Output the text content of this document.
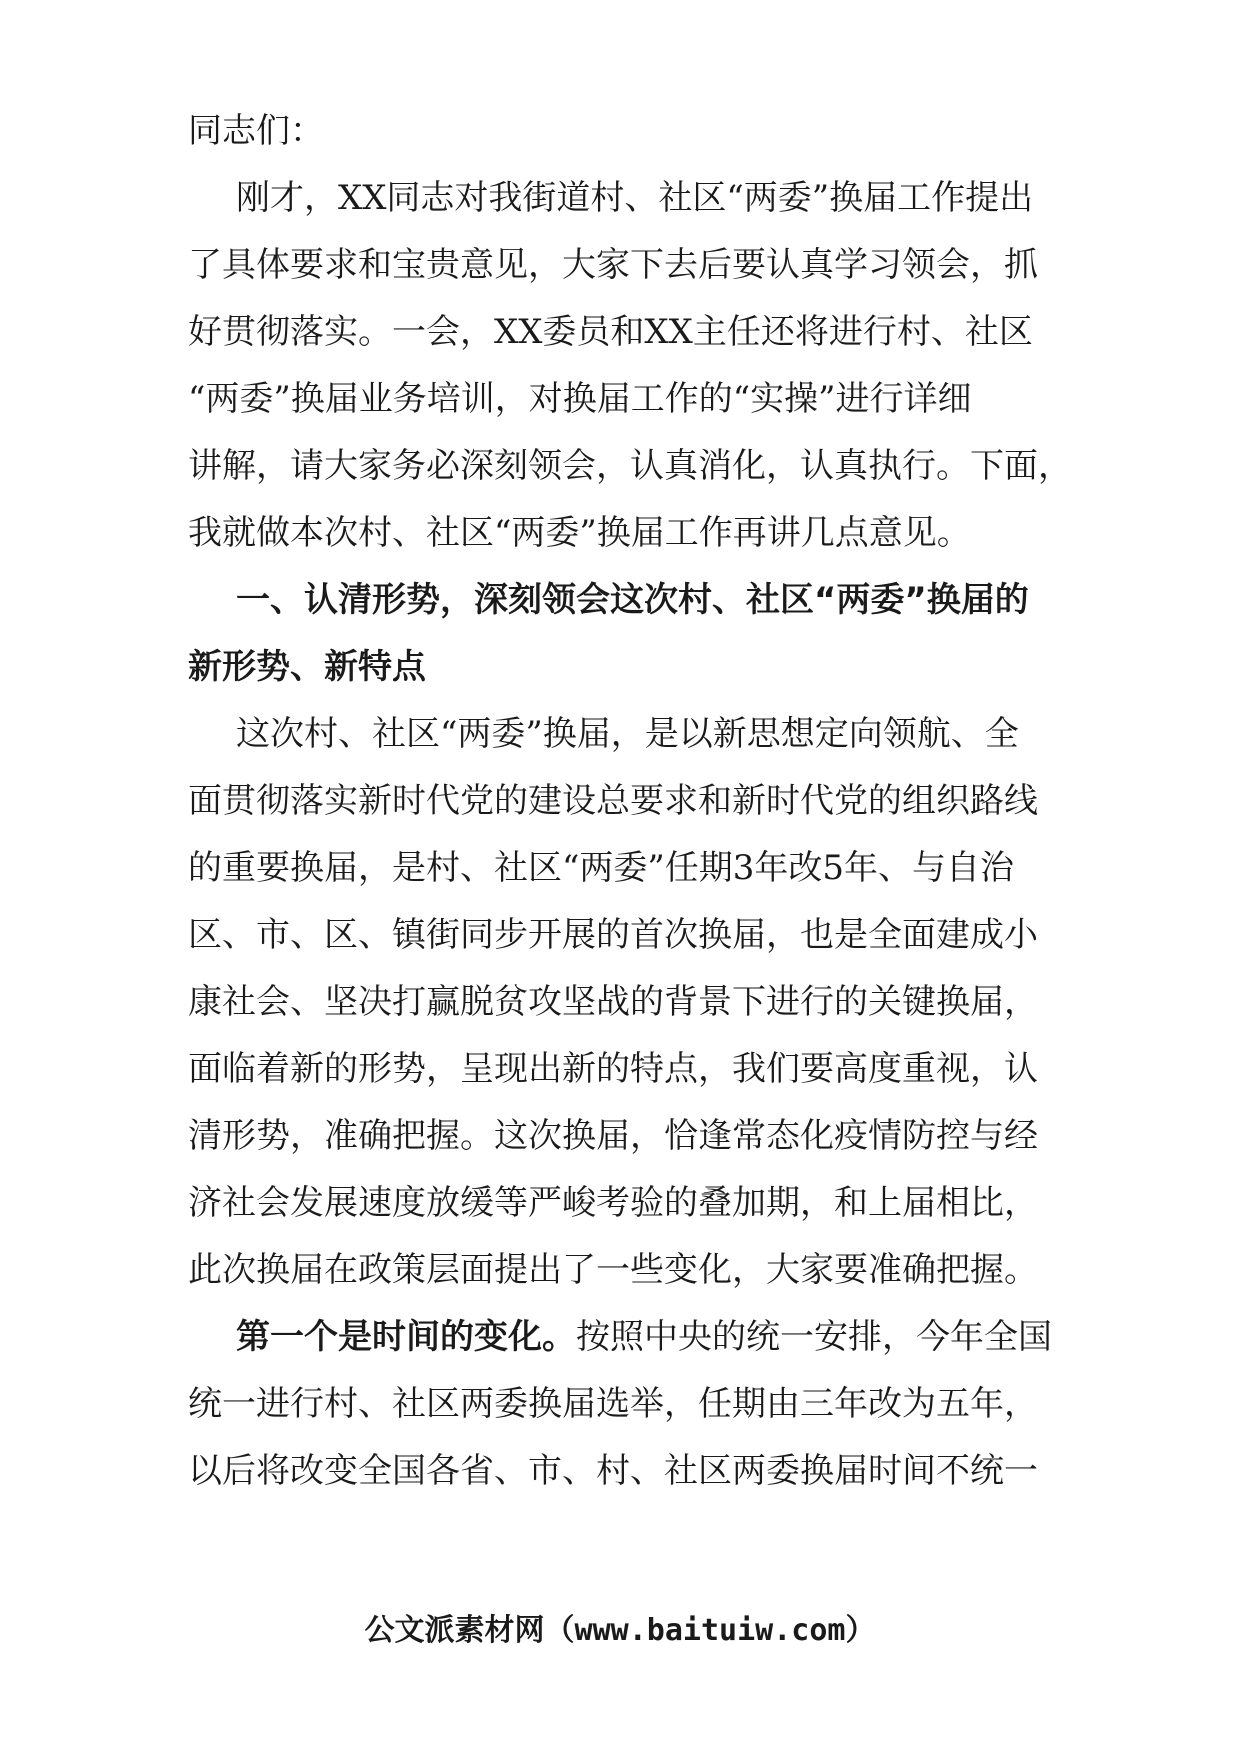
同志们：
刚才，XX同志对我街道村、社区“两委”换届工作提出
了具体要求和宝贵意见，大家下去后要认真学习领会，抓
好贯彻落实。一会，XX委员和XX主任还将进行村、社区
“两委”换届业务培训，对换届工作的“实操”进行详细
讲解，请大家务必深刻领会，认真消化，认真执行。下面，
我就做本次村、社区“两委”换届工作再讲几点意见。
一、认清形势，深刻领会这次村、社区“两委”换届的
新形势、新特点
这次村、社区“两委”换届，是以新思想定向领航、全
面贯彻落实新时代党的建设总要求和新时代党的组织路线
的重要换届，是村、社区“两委”任期3年改5年、与自治
区、市、区、镇街同步开展的首次换届，也是全面建成小
康社会、坚决打赢脱贫攻坚战的背景下进行的关键换届，
面临着新的形势，呈现出新的特点，我们要高度重视，认
清形势，准确把握。这次换届，恰逢常态化疫情防控与经
济社会发展速度放缓等严峻考验的叠加期，和上届相比，
此次换届在政策层面提出了一些变化，大家要准确把握。
第一个是时间的变化。按照中央的统一安排，今年全国
统一进行村、社区两委换届选举，任期由三年改为五年，
以后将改变全国各省、市、村、社区两委换届时间不统一
公文派素材网（www.baituiw.com）
